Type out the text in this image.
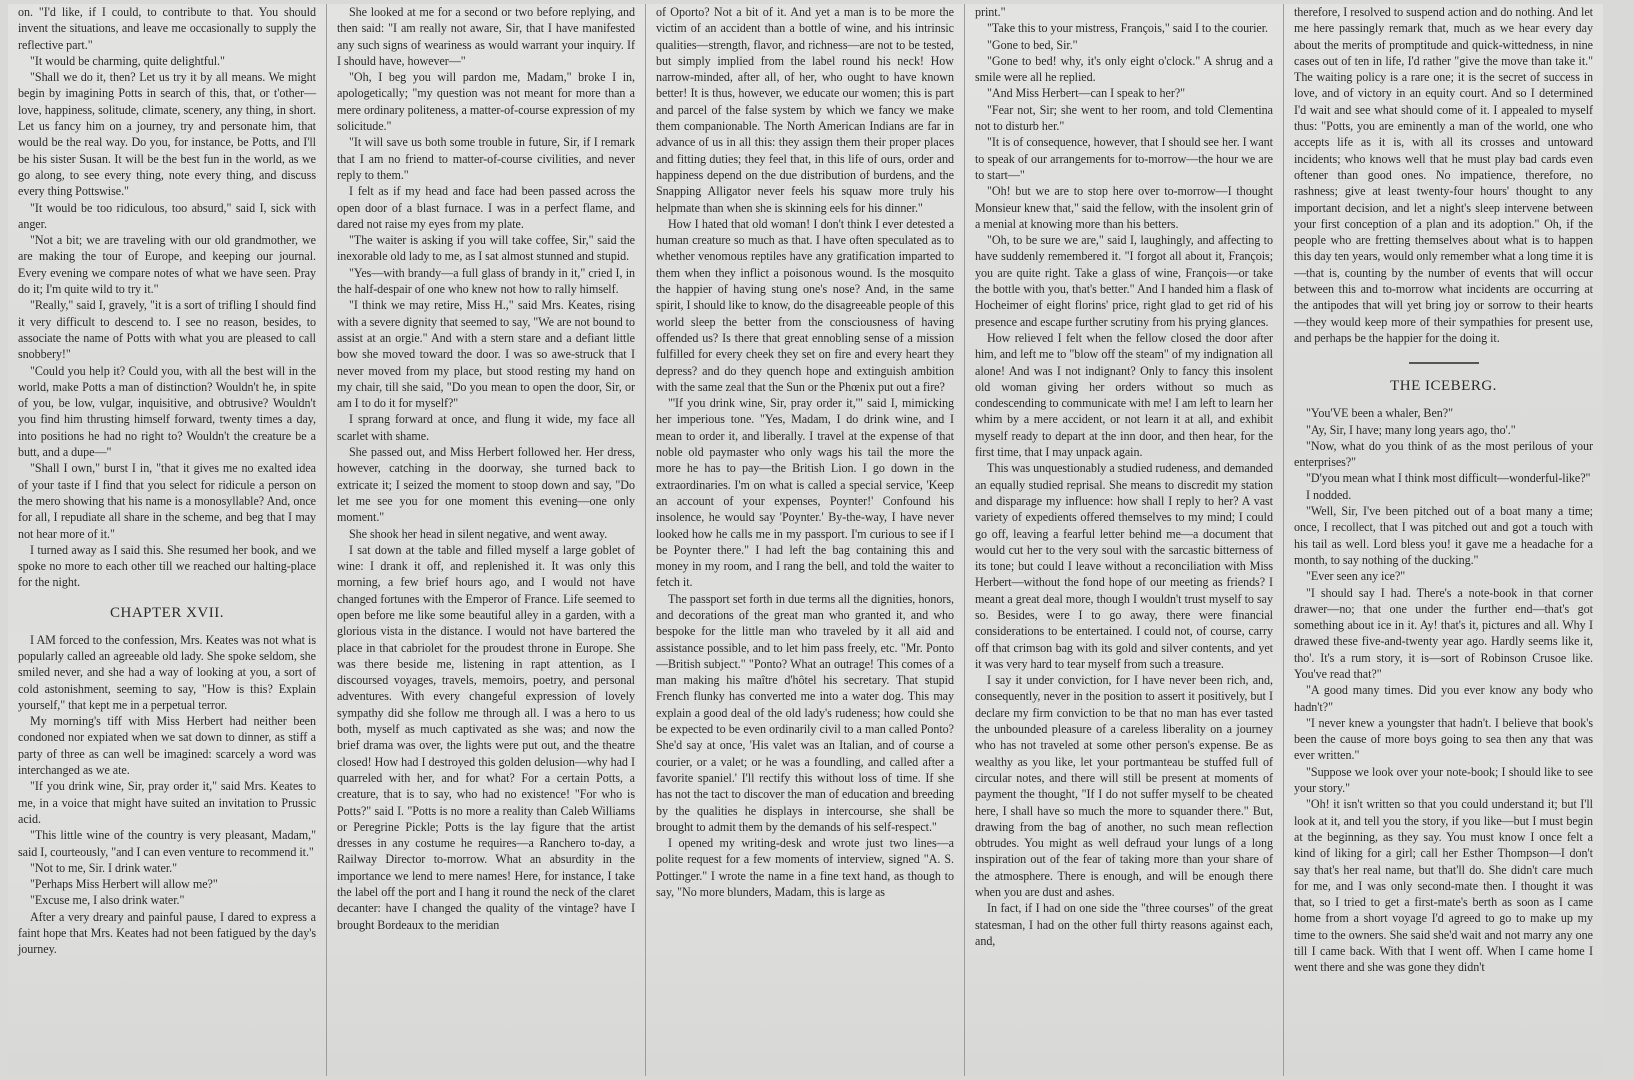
on. "I'd like, if I could, to contribute to that. You should invent the situations, and leave me occasionally to supply the reflective part."

"It would be charming, quite delightful."

"Shall we do it, then? Let us try it by all means. We might begin by imagining Potts in search of this, that, or t'other—love, happiness, solitude, climate, scenery, any thing, in short. Let us fancy him on a journey, try and personate him, that would be the real way. Do you, for instance, be Potts, and I'll be his sister Susan. It will be the best fun in the world, as we go along, to see every thing, note every thing, and discuss every thing Pottswise."

"It would be too ridiculous, too absurd," said I, sick with anger.

"Not a bit; we are traveling with our old grandmother, we are making the tour of Europe, and keeping our journal. Every evening we compare notes of what we have seen. Pray do it; I'm quite wild to try it."

"Really," said I, gravely, "it is a sort of trifling I should find it very difficult to descend to. I see no reason, besides, to associate the name of Potts with what you are pleased to call snobbery!"

"Could you help it? Could you, with all the best will in the world, make Potts a man of distinction? Wouldn't he, in spite of you, be low, vulgar, inquisitive, and obtrusive? Wouldn't you find him thrusting himself forward, twenty times a day, into positions he had no right to? Wouldn't the creature be a butt, and a dupe—"

"Shall I own," burst I in, "that it gives me no exalted idea of your taste if I find that you select for ridicule a person on the mero showing that his name is a monosyllable? And, once for all, I repudiate all share in the scheme, and beg that I may not hear more of it."

I turned away as I said this. She resumed her book, and we spoke no more to each other till we reached our halting-place for the night.

CHAPTER XVII.

I AM forced to the confession, Mrs. Keates was not what is popularly called an agreeable old lady. She spoke seldom, she smiled never, and she had a way of looking at you, a sort of cold astonishment, seeming to say, "How is this? Explain yourself," that kept me in a perpetual terror.

My morning's tiff with Miss Herbert had neither been condoned nor expiated when we sat down to dinner, as stiff a party of three as can well be imagined: scarcely a word was interchanged as we ate.

"If you drink wine, Sir, pray order it," said Mrs. Keates to me, in a voice that might have suited an invitation to Prussic acid.

"This little wine of the country is very pleasant, Madam," said I, courteously, "and I can even venture to recommend it."

"Not to me, Sir. I drink water."

"Perhaps Miss Herbert will allow me?"

"Excuse me, I also drink water."

After a very dreary and painful pause, I dared to express a faint hope that Mrs. Keates had not been fatigued by the day's journey.

She looked at me for a second or two before replying, and then said: "I am really not aware, Sir, that I have manifested any such signs of weariness as would warrant your inquiry. If I should have, however—"

"Oh, I beg you will pardon me, Madam," broke I in, apologetically; "my question was not meant for more than a mere ordinary politeness, a matter-of-course expression of my solicitude."

"It will save us both some trouble in future, Sir, if I remark that I am no friend to matter-of-course civilities, and never reply to them."

I felt as if my head and face had been passed across the open door of a blast furnace. I was in a perfect flame, and dared not raise my eyes from my plate.

"The waiter is asking if you will take coffee, Sir," said the inexorable old lady to me, as I sat almost stunned and stupid.

"Yes—with brandy—a full glass of brandy in it," cried I, in the half-despair of one who knew not how to rally himself.

"I think we may retire, Miss H.," said Mrs. Keates, rising with a severe dignity that seemed to say, "We are not bound to assist at an orgie." And with a stern stare and a defiant little bow she moved toward the door. I was so awe-struck that I never moved from my place, but stood resting my hand on my chair, till she said, "Do you mean to open the door, Sir, or am I to do it for myself?"

I sprang forward at once, and flung it wide, my face all scarlet with shame.

She passed out, and Miss Herbert followed her. Her dress, however, catching in the doorway, she turned back to extricate it; I seized the moment to stoop down and say, "Do let me see you for one moment this evening—one only moment."

She shook her head in silent negative, and went away.

I sat down at the table and filled myself a large goblet of wine: I drank it off, and replenished it. It was only this morning, a few brief hours ago, and I would not have changed fortunes with the Emperor of France. Life seemed to open before me like some beautiful alley in a garden, with a glorious vista in the distance. I would not have bartered the place in that cabriolet for the proudest throne in Europe. She was there beside me, listening in rapt attention, as I discoursed voyages, travels, memoirs, poetry, and personal adventures. With every changeful expression of lovely sympathy did she follow me through all. I was a hero to us both, myself as much captivated as she was; and now the brief drama was over, the lights were put out, and the theatre closed! How had I destroyed this golden delusion—why had I quarreled with her, and for what? For a certain Potts, a creature, that is to say, who had no existence! "For who is Potts?" said I. "Potts is no more a reality than Caleb Williams or Peregrine Pickle; Potts is the lay figure that the artist dresses in any costume he requires—a Ranchero to-day, a Railway Director to-morrow. What an absurdity in the importance we lend to mere names! Here, for instance, I take the label off the port and I hang it round the neck of the claret decanter: have I changed the quality of the vintage? have I brought Bordeaux to the meridian

of Oporto? Not a bit of it. And yet a man is to be more the victim of an accident than a bottle of wine, and his intrinsic qualities—strength, flavor, and richness—are not to be tested, but simply implied from the label round his neck! How narrow-minded, after all, of her, who ought to have known better! It is thus, however, we educate our women; this is part and parcel of the false system by which we fancy we make them companionable. The North American Indians are far in advance of us in all this: they assign them their proper places and fitting duties; they feel that, in this life of ours, order and happiness depend on the due distribution of burdens, and the Snapping Alligator never feels his squaw more truly his helpmate than when she is skinning eels for his dinner."

How I hated that old woman! I don't think I ever detested a human creature so much as that. I have often speculated as to whether venomous reptiles have any gratification imparted to them when they inflict a poisonous wound. Is the mosquito the happier of having stung one's nose? And, in the same spirit, I should like to know, do the disagreeable people of this world sleep the better from the consciousness of having offended us? Is there that great ennobling sense of a mission fulfilled for every cheek they set on fire and every heart they depress? and do they quench hope and extinguish ambition with the same zeal that the Sun or the Phœnix put out a fire?

"'If you drink wine, Sir, pray order it,'" said I, mimicking her imperious tone. "Yes, Madam, I do drink wine, and I mean to order it, and liberally. I travel at the expense of that noble old paymaster who only wags his tail the more the more he has to pay—the British Lion. I go down in the extraordinaries. I'm on what is called a special service, 'Keep an account of your expenses, Poynter!' Confound his insolence, he would say 'Poynter.' By-the-way, I have never looked how he calls me in my passport. I'm curious to see if I be Poynter there." I had left the bag containing this and money in my room, and I rang the bell, and told the waiter to fetch it.

The passport set forth in due terms all the dignities, honors, and decorations of the great man who granted it, and who bespoke for the little man who traveled by it all aid and assistance possible, and to let him pass freely, etc. "Mr. Ponto—British subject." "Ponto? What an outrage! This comes of a man making his maître d'hôtel his secretary. That stupid French flunky has converted me into a water dog. This may explain a good deal of the old lady's rudeness; how could she be expected to be even ordinarily civil to a man called Ponto? She'd say at once, 'His valet was an Italian, and of course a courier, or a valet; or he was a foundling, and called after a favorite spaniel.' I'll rectify this without loss of time. If she has not the tact to discover the man of education and breeding by the qualities he displays in intercourse, she shall be brought to admit them by the demands of his self-respect."

I opened my writing-desk and wrote just two lines—a polite request for a few moments of interview, signed "A. S. Pottinger." I wrote the name in a fine text hand, as though to say, "No more blunders, Madam, this is large as

print."

"Take this to your mistress, François," said I to the courier.

"Gone to bed, Sir."

"Gone to bed! why, it's only eight o'clock." A shrug and a smile were all he replied.

"And Miss Herbert—can I speak to her?"

"Fear not, Sir; she went to her room, and told Clementina not to disturb her."

"It is of consequence, however, that I should see her. I want to speak of our arrangements for to-morrow—the hour we are to start—"

"Oh! but we are to stop here over to-morrow—I thought Monsieur knew that," said the fellow, with the insolent grin of a menial at knowing more than his betters.

"Oh, to be sure we are," said I, laughingly, and affecting to have suddenly remembered it. "I forgot all about it, François; you are quite right. Take a glass of wine, François—or take the bottle with you, that's better." And I handed him a flask of Hocheimer of eight florins' price, right glad to get rid of his presence and escape further scrutiny from his prying glances.

How relieved I felt when the fellow closed the door after him, and left me to "blow off the steam" of my indignation all alone! And was I not indignant? Only to fancy this insolent old woman giving her orders without so much as condescending to communicate with me! I am left to learn her whim by a mere accident, or not learn it at all, and exhibit myself ready to depart at the inn door, and then hear, for the first time, that I may unpack again.

This was unquestionably a studied rudeness, and demanded an equally studied reprisal. She means to discredit my station and disparage my influence: how shall I reply to her? A vast variety of expedients offered themselves to my mind; I could go off, leaving a fearful letter behind me—a document that would cut her to the very soul with the sarcastic bitterness of its tone; but could I leave without a reconciliation with Miss Herbert—without the fond hope of our meeting as friends? I meant a great deal more, though I wouldn't trust myself to say so. Besides, were I to go away, there were financial considerations to be entertained. I could not, of course, carry off that crimson bag with its gold and silver contents, and yet it was very hard to tear myself from such a treasure.

I say it under conviction, for I have never been rich, and, consequently, never in the position to assert it positively, but I declare my firm conviction to be that no man has ever tasted the unbounded pleasure of a careless liberality on a journey who has not traveled at some other person's expense. Be as wealthy as you like, let your portmanteau be stuffed full of circular notes, and there will still be present at moments of payment the thought, "If I do not suffer myself to be cheated here, I shall have so much the more to squander there." But, drawing from the bag of another, no such mean reflection obtrudes. You might as well defraud your lungs of a long inspiration out of the fear of taking more than your share of the atmosphere. There is enough, and will be enough there when you are dust and ashes.

In fact, if I had on one side the "three courses" of the great statesman, I had on the other full thirty reasons against each, and,

therefore, I resolved to suspend action and do nothing. And let me here passingly remark that, much as we hear every day about the merits of promptitude and quick-wittedness, in nine cases out of ten in life, I'd rather "give the move than take it." The waiting policy is a rare one; it is the secret of success in love, and of victory in an equity court. And so I determined I'd wait and see what should come of it. I appealed to myself thus: "Potts, you are eminently a man of the world, one who accepts life as it is, with all its crosses and untoward incidents; who knows well that he must play bad cards even oftener than good ones. No impatience, therefore, no rashness; give at least twenty-four hours' thought to any important decision, and let a night's sleep intervene between your first conception of a plan and its adoption." Oh, if the people who are fretting themselves about what is to happen this day ten years, would only remember what a long time it is—that is, counting by the number of events that will occur between this and to-morrow what incidents are occurring at the antipodes that will yet bring joy or sorrow to their hearts—they would keep more of their sympathies for present use, and perhaps be the happier for the doing it.

THE ICEBERG.

"You'VE been a whaler, Ben?"

"Ay, Sir, I have; many long years ago, tho'."

"Now, what do you think of as the most perilous of your enterprises?"

"D'you mean what I think most difficult—wonderful-like?"

I nodded.

"Well, Sir, I've been pitched out of a boat many a time; once, I recollect, that I was pitched out and got a touch with his tail as well. Lord bless you! it gave me a headache for a month, to say nothing of the ducking."

"Ever seen any ice?"

"I should say I had. There's a note-book in that corner drawer—no; that one under the further end—that's got something about ice in it. Ay! that's it, pictures and all. Why I drawed these five-and-twenty year ago. Hardly seems like it, tho'. It's a rum story, it is—sort of Robinson Crusoe like. You've read that?"

"A good many times. Did you ever know any body who hadn't?"

"I never knew a youngster that hadn't. I believe that book's been the cause of more boys going to sea then any that was ever written."

"Suppose we look over your note-book; I should like to see your story."

"Oh! it isn't written so that you could understand it; but I'll look at it, and tell you the story, if you like—but I must begin at the beginning, as they say. You must know I once felt a kind of liking for a girl; call her Esther Thompson—I don't say that's her real name, but that'll do. She didn't care much for me, and I was only second-mate then. I thought it was that, so I tried to get a first-mate's berth as soon as I came home from a short voyage I'd agreed to go to make up my time to the owners. She said she'd wait and not marry any one till I came back. With that I went off. When I came home I went there and she was gone they didn't
